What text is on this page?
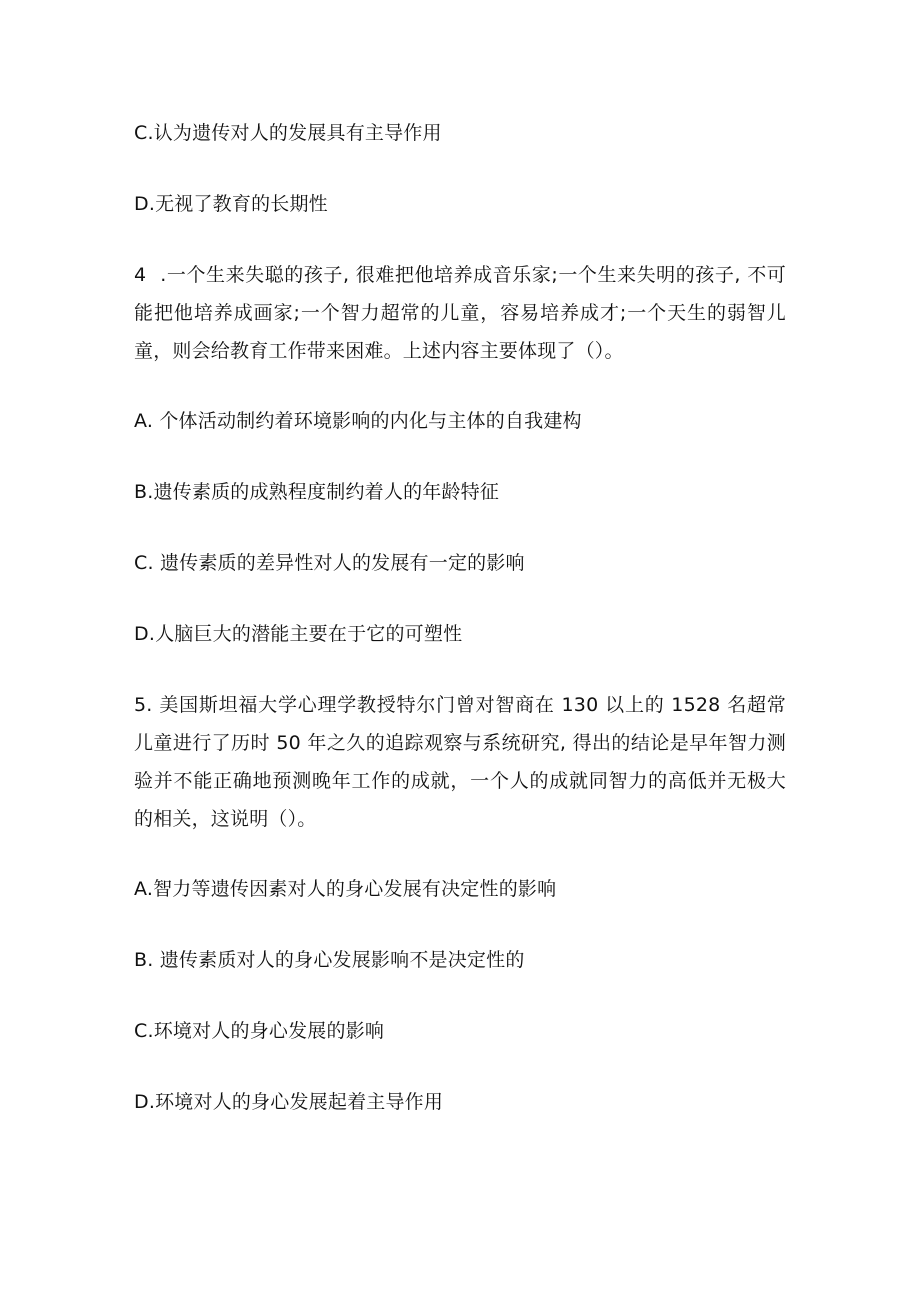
C.认为遗传对人的发展具有主导作用
D.无视了教育的长期性
4 .一个生来失聪的孩子, 很难把他培养成音乐家;一个生来失明的孩子, 不可能把他培养成画家;一个智力超常的儿童，容易培养成才;一个天生的弱智儿童，则会给教育工作带来困难。上述内容主要体现了（）。
A. 个体活动制约着环境影响的内化与主体的自我建构
B.遗传素质的成熟程度制约着人的年龄特征
C. 遗传素质的差异性对人的发展有一定的影响
D.人脑巨大的潜能主要在于它的可塑性
5. 美国斯坦福大学心理学教授特尔门曾对智商在 130 以上的 1528 名超常儿童进行了历时 50 年之久的追踪观察与系统研究, 得出的结论是早年智力测验并不能正确地预测晚年工作的成就，一个人的成就同智力的高低并无极大的相关，这说明（）。
A.智力等遗传因素对人的身心发展有决定性的影响
B. 遗传素质对人的身心发展影响不是决定性的
C.环境对人的身心发展的影响
D.环境对人的身心发展起着主导作用
